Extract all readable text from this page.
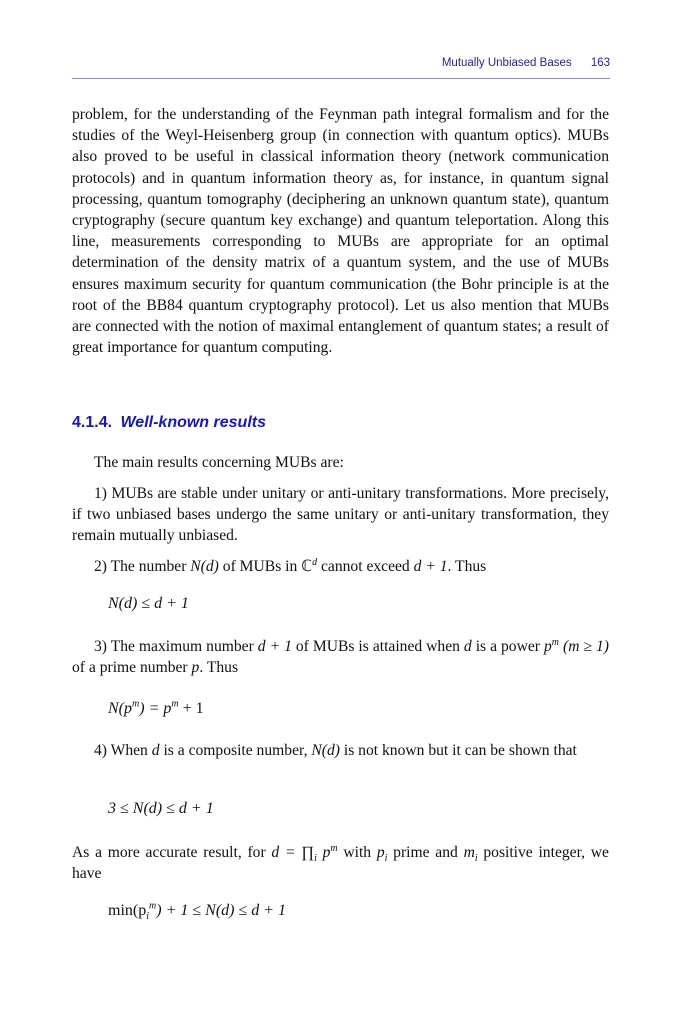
Mutually Unbiased Bases 163
problem, for the understanding of the Feynman path integral formalism and for the studies of the Weyl-Heisenberg group (in connection with quantum optics). MUBs also proved to be useful in classical information theory (network communication protocols) and in quantum information theory as, for instance, in quantum signal processing, quantum tomography (deciphering an unknown quantum state), quantum cryptography (secure quantum key exchange) and quantum teleportation. Along this line, measurements corresponding to MUBs are appropriate for an optimal determination of the density matrix of a quantum system, and the use of MUBs ensures maximum security for quantum communication (the Bohr principle is at the root of the BB84 quantum cryptography protocol). Let us also mention that MUBs are connected with the notion of maximal entanglement of quantum states; a result of great importance for quantum computing.
4.1.4. Well-known results
The main results concerning MUBs are:
1) MUBs are stable under unitary or anti-unitary transformations. More precisely, if two unbiased bases undergo the same unitary or anti-unitary transformation, they remain mutually unbiased.
2) The number N(d) of MUBs in ℂ$^d$ cannot exceed d + 1. Thus
N(d) ≤ d + 1
3) The maximum number d + 1 of MUBs is attained when d is a power $p^m$ (m ≥ 1) of a prime number p. Thus
$N(p^m) = p^m + 1$
4) When d is a composite number, N(d) is not known but it can be shown that
3 ≤ N(d) ≤ d + 1
As a more accurate result, for $d = \prod_i$ $p^m$ with $p_i$ prime and $m_i$ positive integer, we have
$\min(p_i^m) + 1 \le N(d) \le d + 1$
